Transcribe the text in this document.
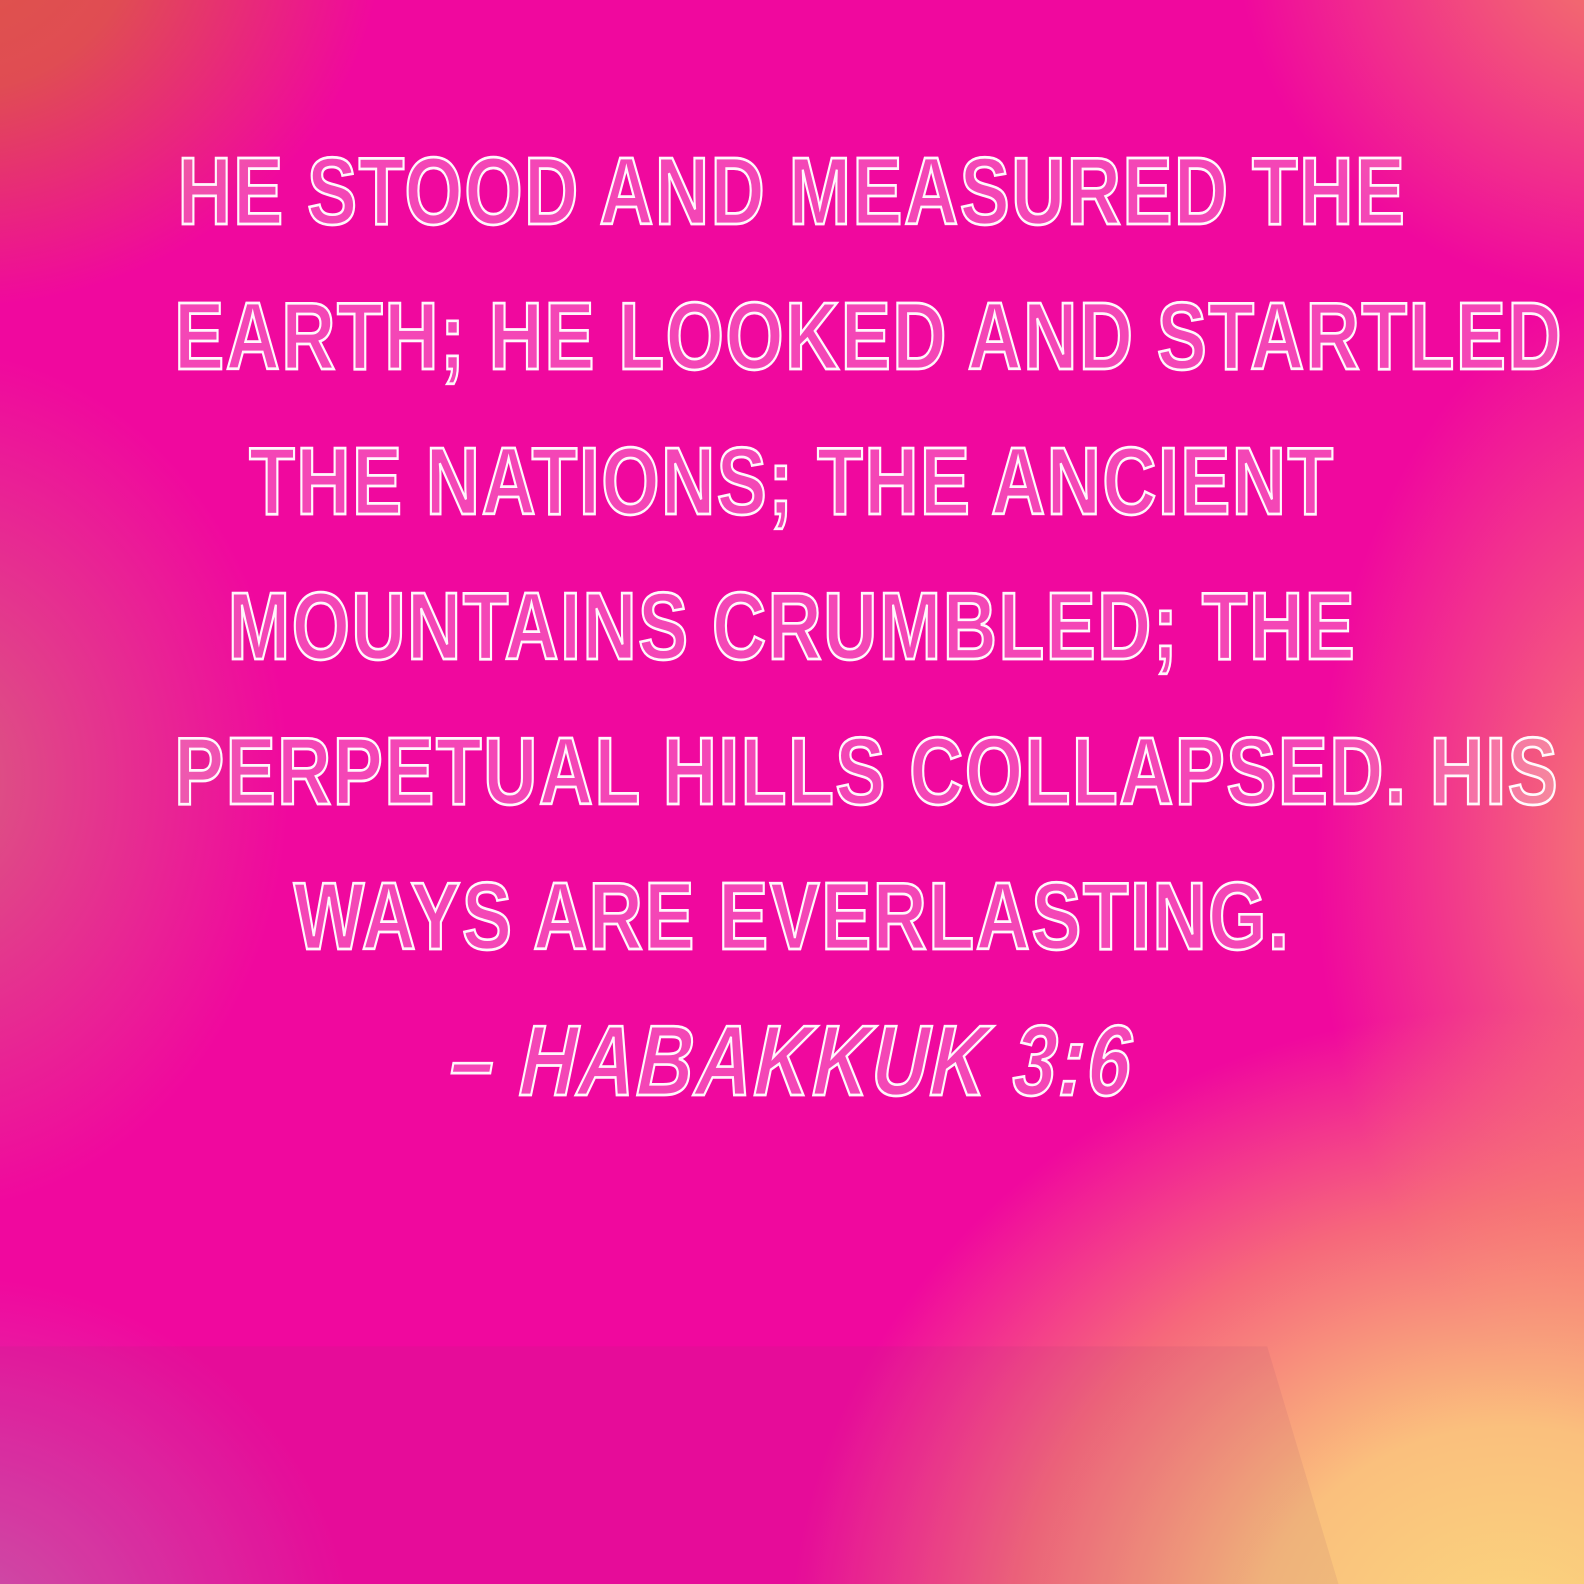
HE STOOD AND MEASURED THE
EARTH; HE LOOKED AND STARTLED
THE NATIONS; THE ANCIENT
MOUNTAINS CRUMBLED; THE
PERPETUAL HILLS COLLAPSED. HIS
WAYS ARE EVERLASTING.
– HABAKKUK 3:6
